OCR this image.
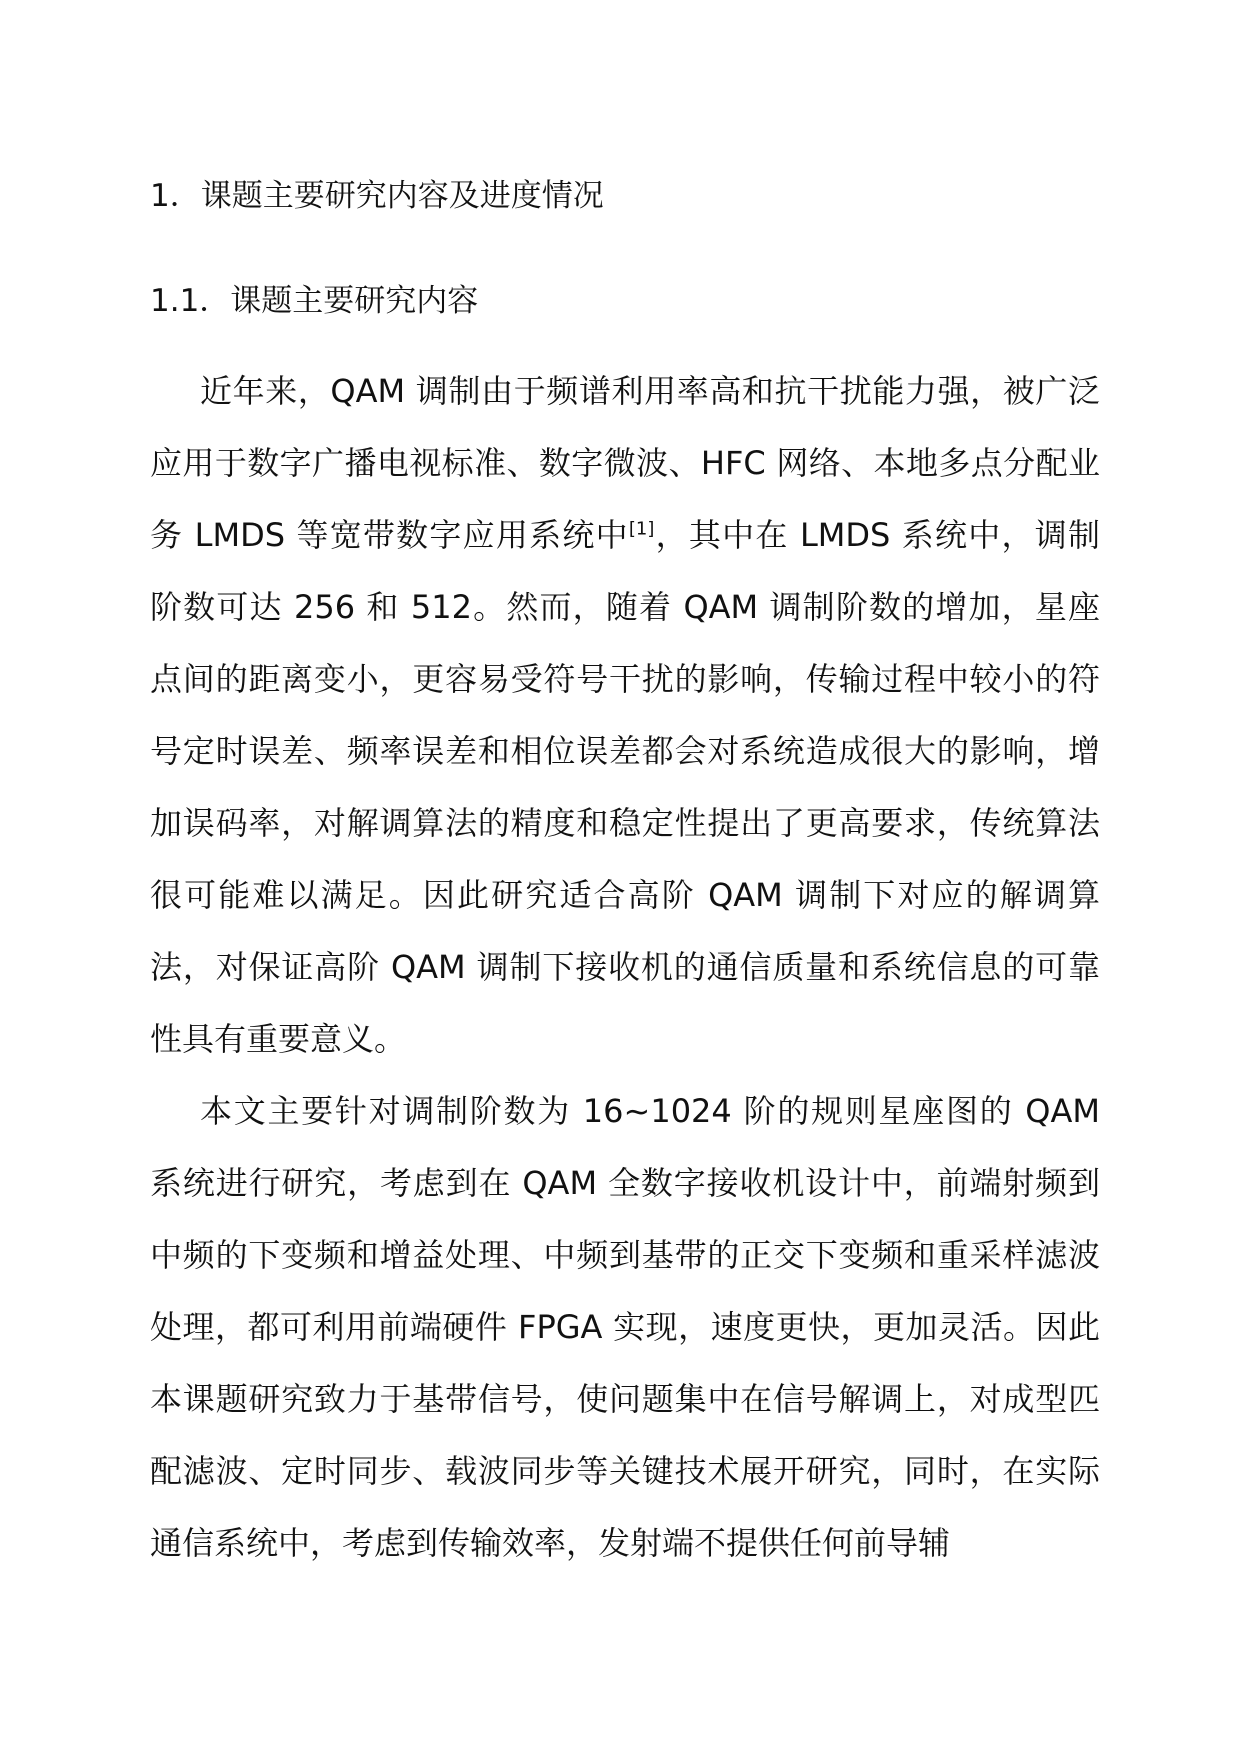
1．课题主要研究内容及进度情况
1.1．课题主要研究内容

近年来，QAM 调制由于频谱利用率高和抗干扰能力强，被广泛应用于数字广播电视标准、数字微波、HFC 网络、本地多点分配业务 LMDS 等宽带数字应用系统中[1]，其中在 LMDS 系统中，调制阶数可达 256 和 512。然而，随着 QAM 调制阶数的增加，星座点间的距离变小，更容易受符号干扰的影响，传输过程中较小的符号定时误差、频率误差和相位误差都会对系统造成很大的影响，增加误码率，对解调算法的精度和稳定性提出了更高要求，传统算法很可能难以满足。因此研究适合高阶 QAM 调制下对应的解调算法，对保证高阶 QAM 调制下接收机的通信质量和系统信息的可靠性具有重要意义。

本文主要针对调制阶数为 16~1024 阶的规则星座图的 QAM 系统进行研究，考虑到在 QAM 全数字接收机设计中，前端射频到中频的下变频和增益处理、中频到基带的正交下变频和重采样滤波处理，都可利用前端硬件 FPGA 实现，速度更快，更加灵活。因此本课题研究致力于基带信号，使问题集中在信号解调上，对成型匹配滤波、定时同步、载波同步等关键技术展开研究，同时，在实际通信系统中，考虑到传输效率，发射端不提供任何前导辅
